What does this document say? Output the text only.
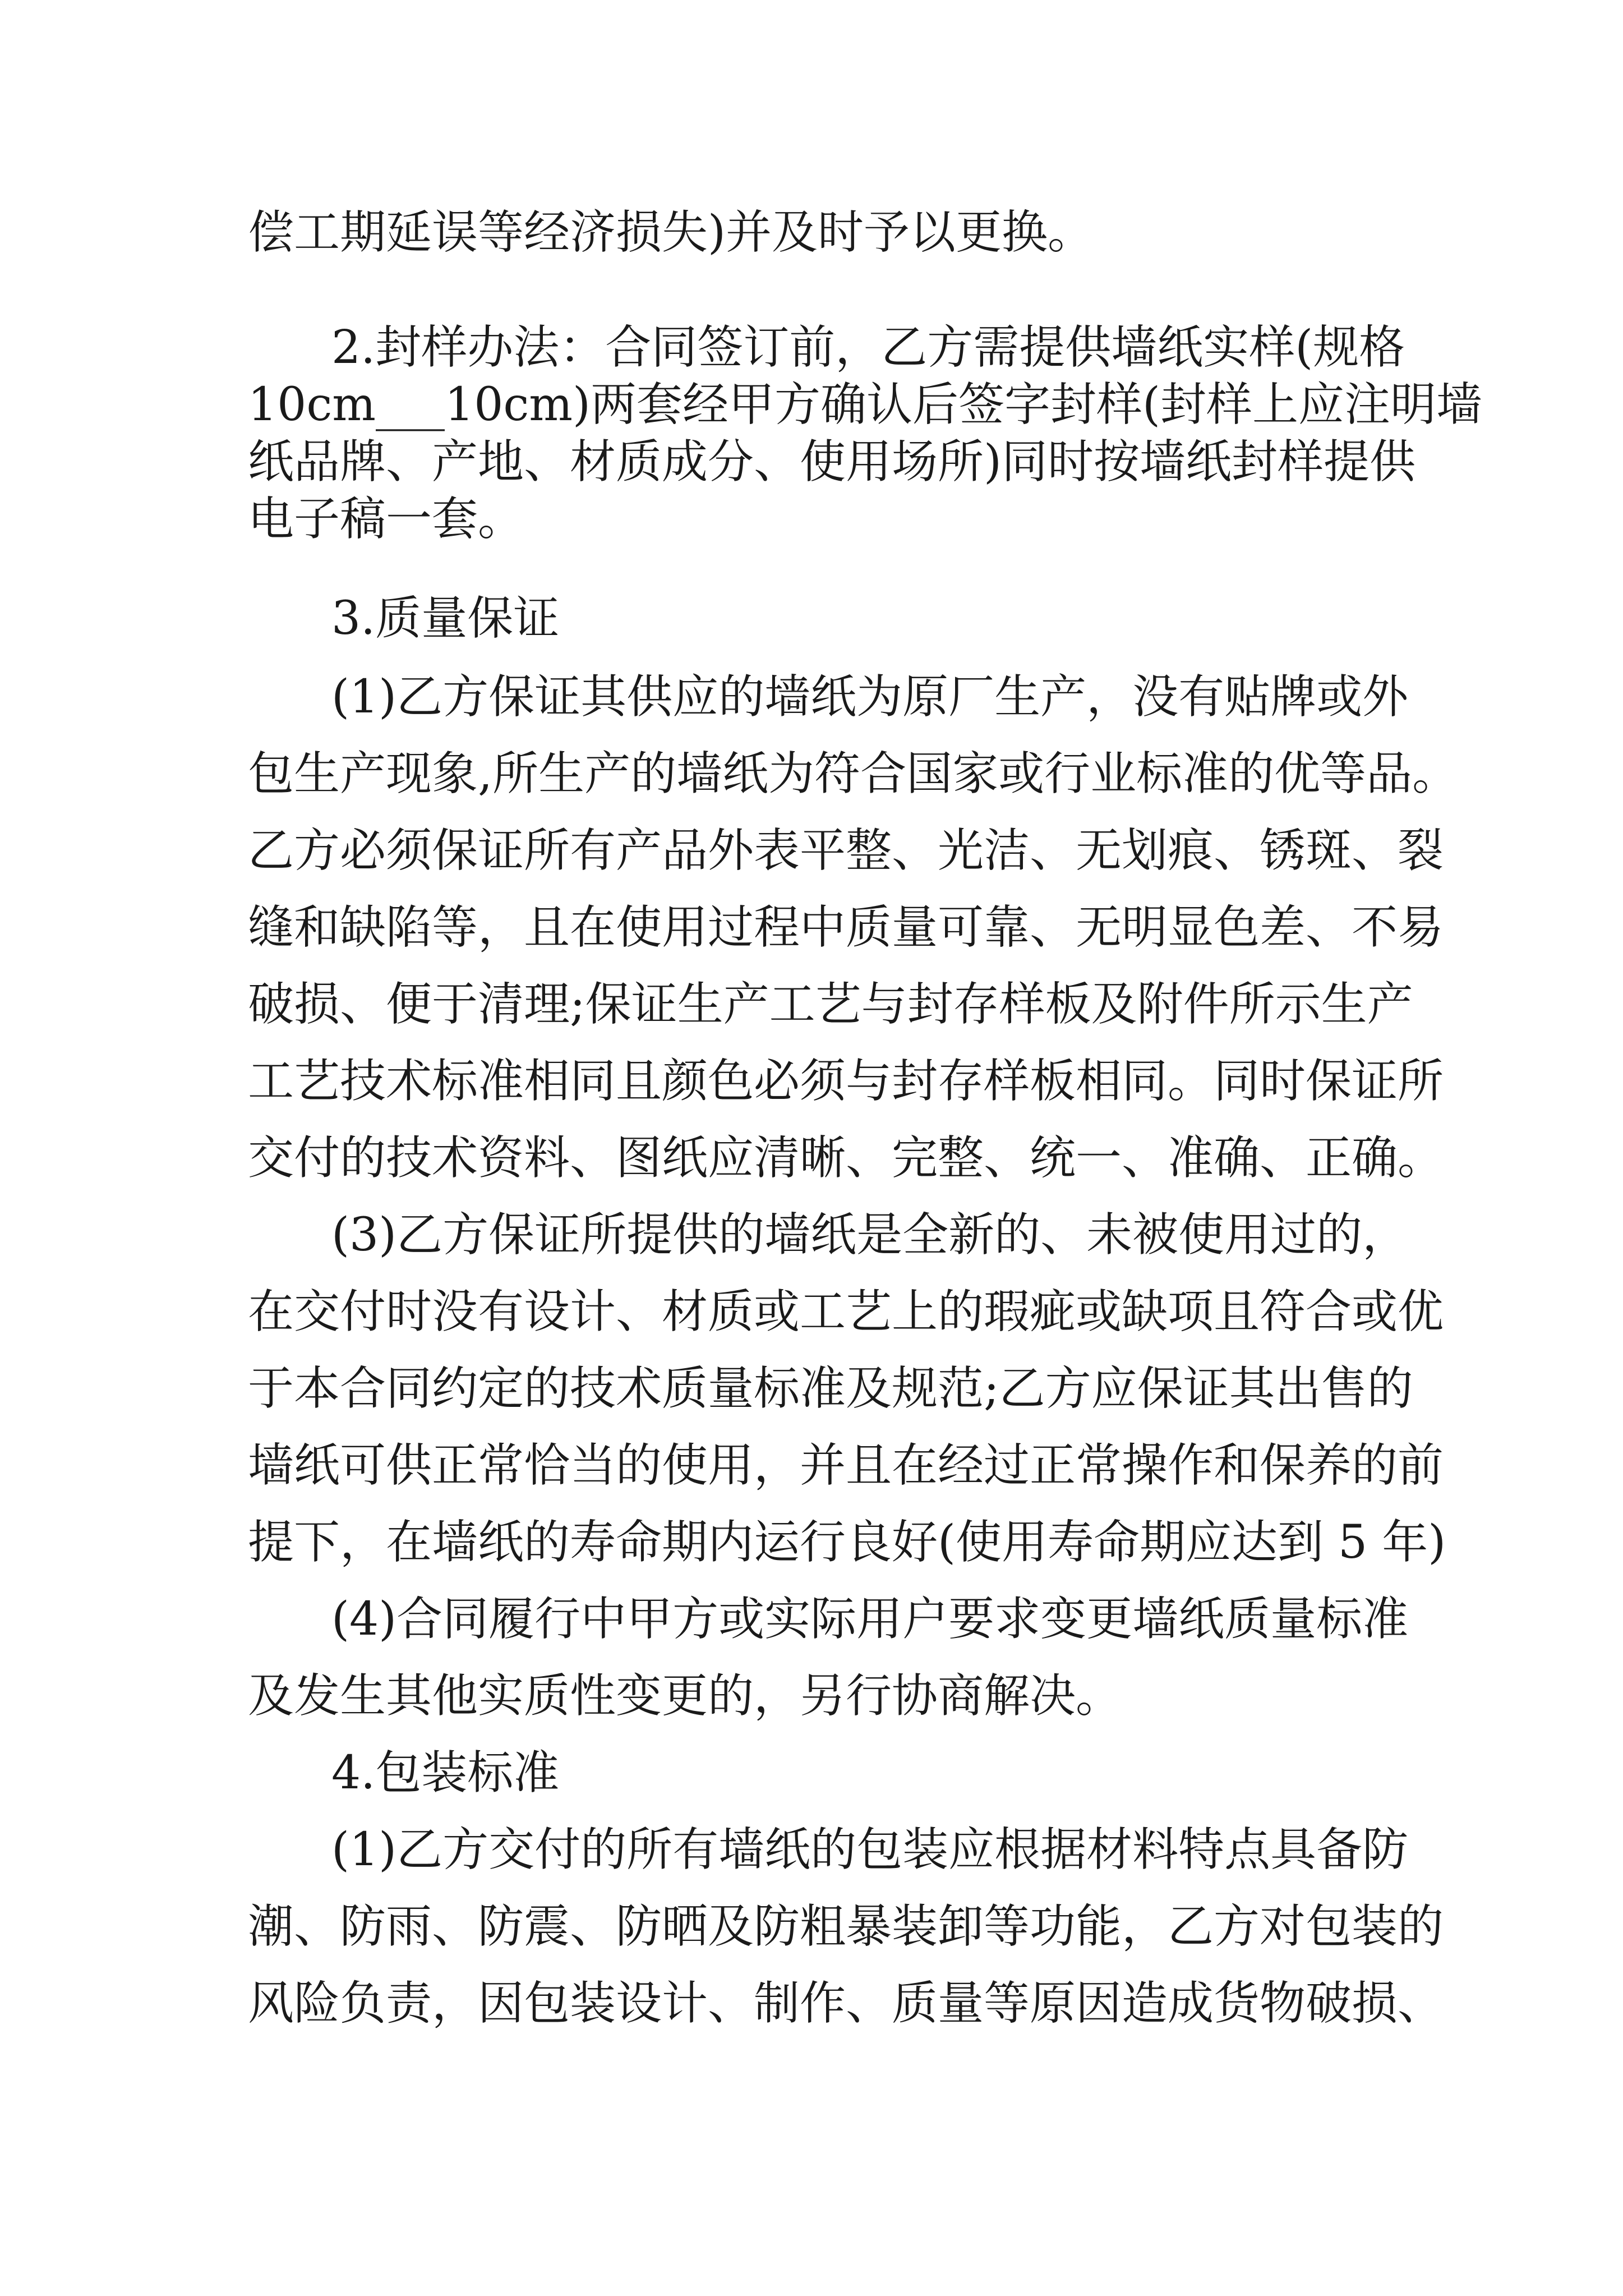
偿工期延误等经济损失)并及时予以更换。
2.封样办法：合同签订前，乙方需提供墙纸实样(规格
10cm___10cm)两套经甲方确认后签字封样(封样上应注明墙
纸品牌、产地、材质成分、使用场所)同时按墙纸封样提供
电子稿一套。
3.质量保证
(1)乙方保证其供应的墙纸为原厂生产，没有贴牌或外
包生产现象,所生产的墙纸为符合国家或行业标准的优等品。
乙方必须保证所有产品外表平整、光洁、无划痕、锈斑、裂
缝和缺陷等，且在使用过程中质量可靠、无明显色差、不易
破损、便于清理;保证生产工艺与封存样板及附件所示生产
工艺技术标准相同且颜色必须与封存样板相同。同时保证所
交付的技术资料、图纸应清晰、完整、统一、准确、正确。
(3)乙方保证所提供的墙纸是全新的、未被使用过的，
在交付时没有设计、材质或工艺上的瑕疵或缺项且符合或优
于本合同约定的技术质量标准及规范;乙方应保证其出售的
墙纸可供正常恰当的使用，并且在经过正常操作和保养的前
提下，在墙纸的寿命期内运行良好(使用寿命期应达到 5 年)
(4)合同履行中甲方或实际用户要求变更墙纸质量标准
及发生其他实质性变更的，另行协商解决。
4.包装标准
(1)乙方交付的所有墙纸的包装应根据材料特点具备防
潮、防雨、防震、防晒及防粗暴装卸等功能，乙方对包装的
风险负责，因包装设计、制作、质量等原因造成货物破损、
